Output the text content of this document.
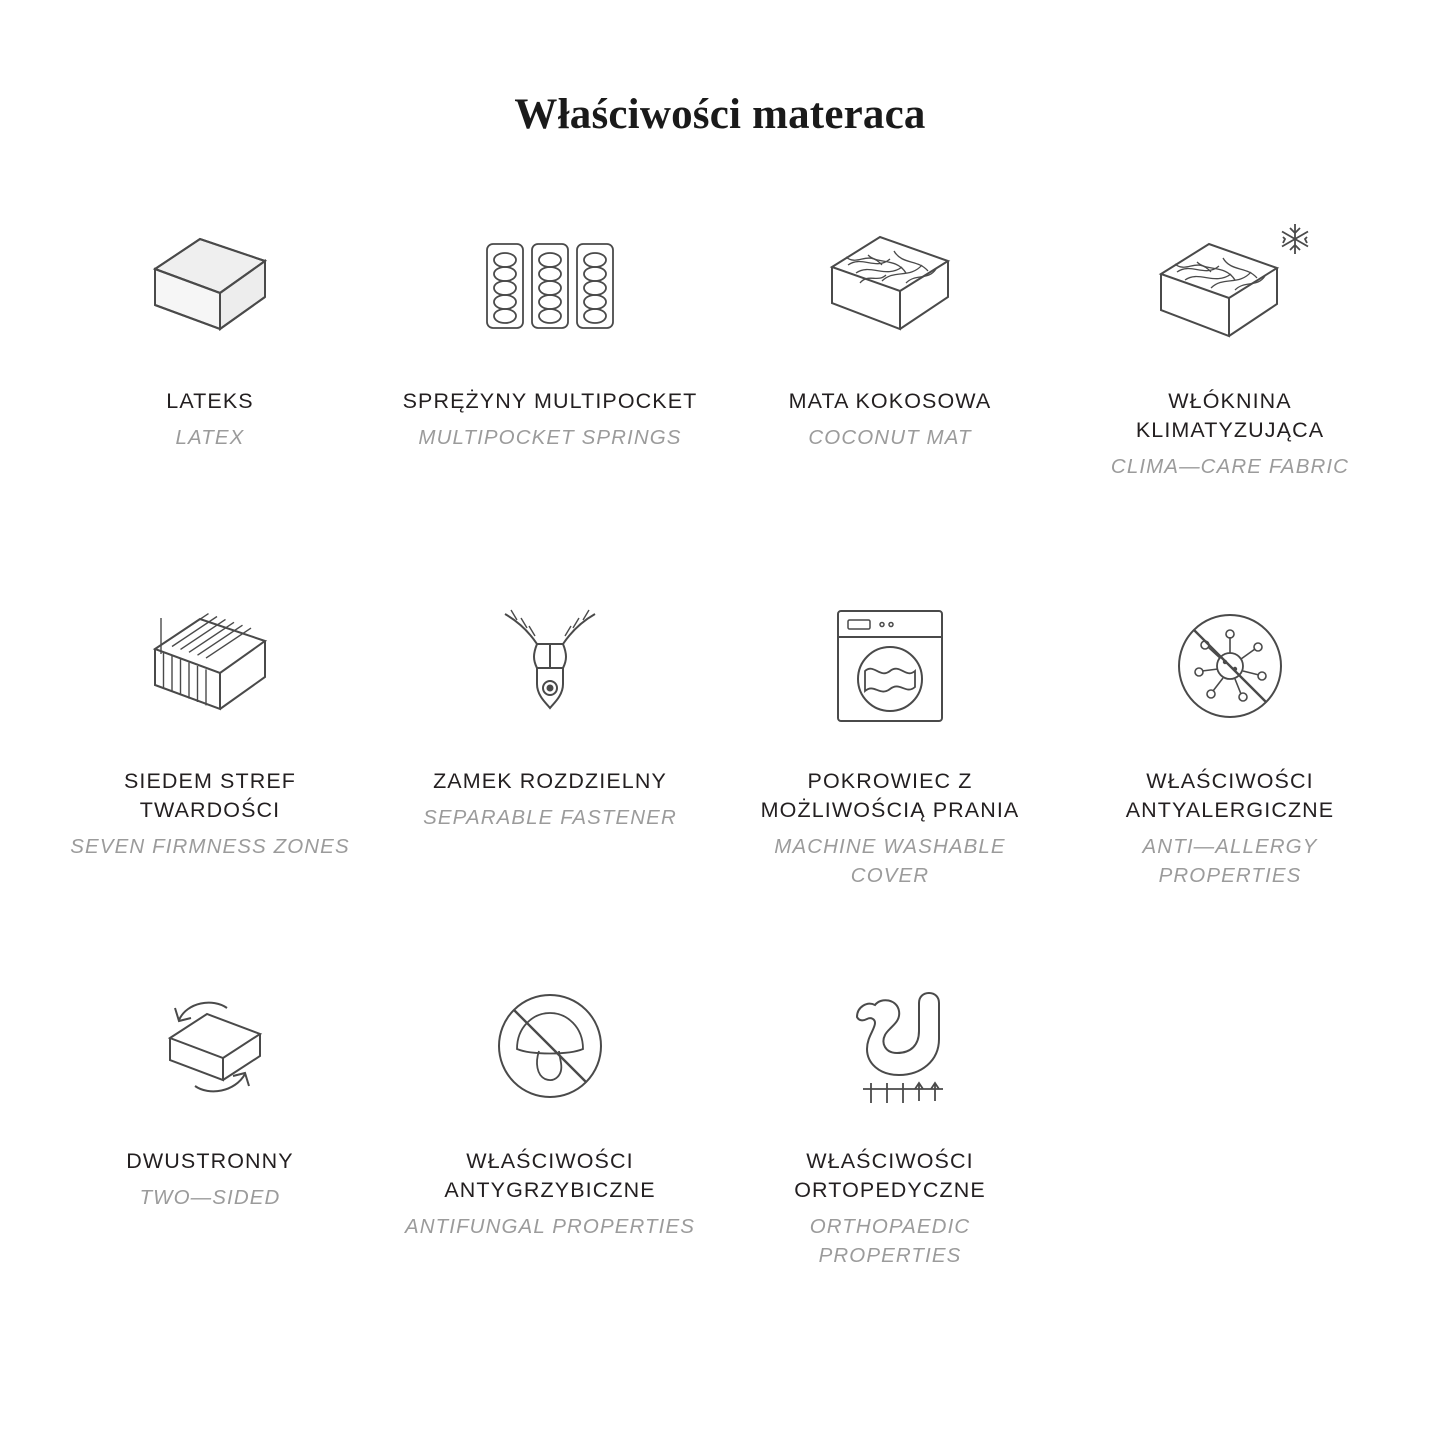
Właściwości materaca
LATEKS
LATEX
SPRĘŻYNY MULTIPOCKET
MULTIPOCKET SPRINGS
MATA KOKOSOWA
COCONUT MAT
WŁÓKNINA KLIMATYZUJĄCA
CLIMA—CARE FABRIC
SIEDEM STREF TWARDOŚCI
SEVEN FIRMNESS ZONES
ZAMEK ROZDZIELNY
SEPARABLE FASTENER
POKROWIEC Z MOŻLIWOŚCIĄ PRANIA
MACHINE WASHABLE COVER
WŁAŚCIWOŚCI ANTYALERGICZNE
ANTI—ALLERGY PROPERTIES
DWUSTRONNY
TWO—SIDED
WŁAŚCIWOŚCI ANTYGRZYBICZNE
ANTIFUNGAL PROPERTIES
WŁAŚCIWOŚCI ORTOPEDYCZNE
ORTHOPAEDIC PROPERTIES
